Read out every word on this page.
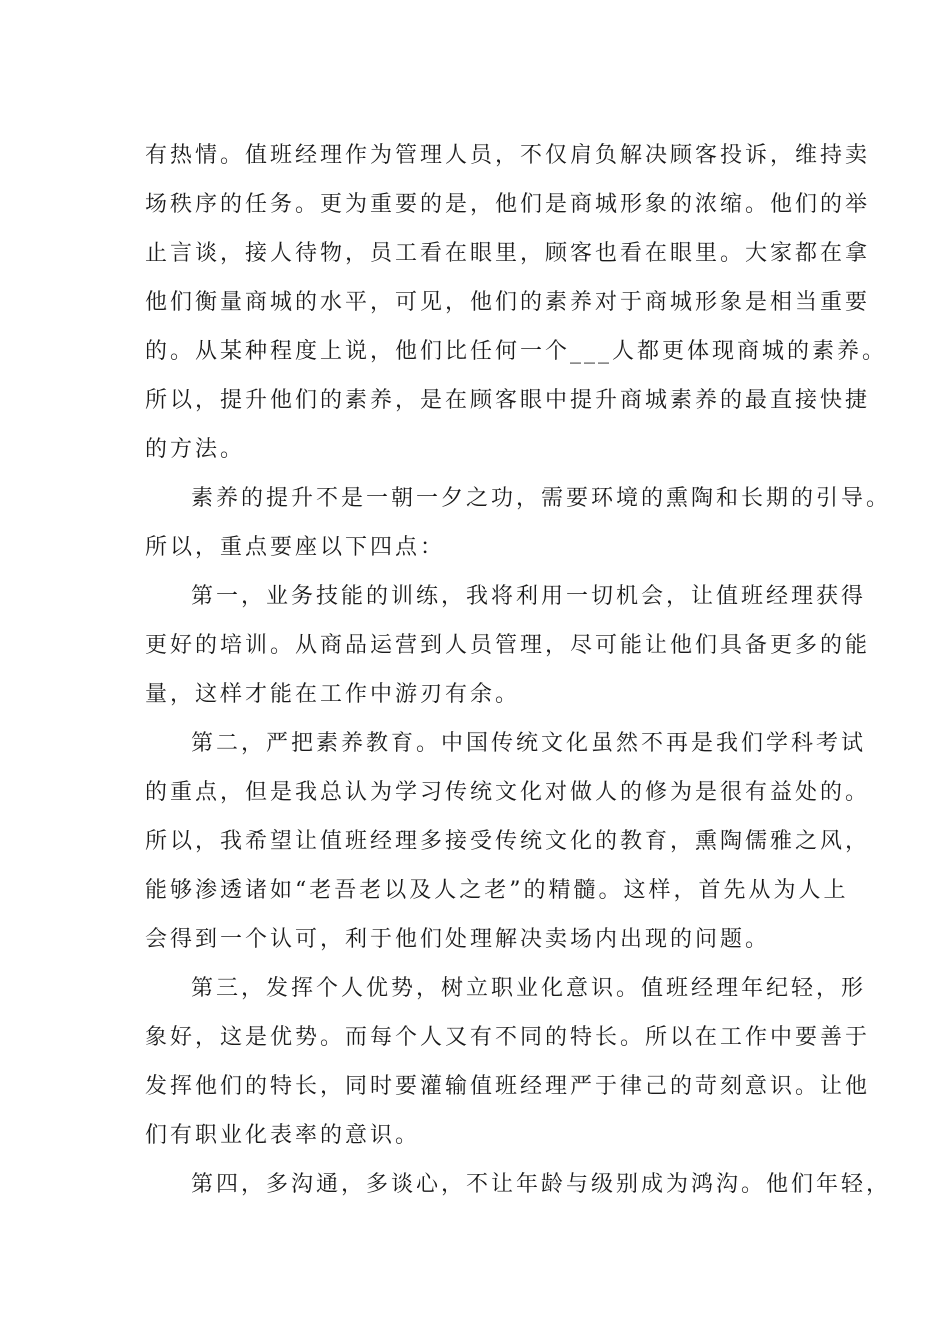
有热情。值班经理作为管理人员，不仅肩负解决顾客投诉，维持卖
场秩序的任务。更为重要的是，他们是商城形象的浓缩。他们的举
止言谈，接人待物，员工看在眼里，顾客也看在眼里。大家都在拿
他们衡量商城的水平，可见，他们的素养对于商城形象是相当重要
的。从某种程度上说，他们比任何一个___人都更体现商城的素养。
所以，提升他们的素养，是在顾客眼中提升商城素养的最直接快捷
的方法。
素养的提升不是一朝一夕之功，需要环境的熏陶和长期的引导。
所以，重点要座以下四点：
第一，业务技能的训练，我将利用一切机会，让值班经理获得
更好的培训。从商品运营到人员管理，尽可能让他们具备更多的能
量，这样才能在工作中游刃有余。
第二，严把素养教育。中国传统文化虽然不再是我们学科考试
的重点，但是我总认为学习传统文化对做人的修为是很有益处的。
所以，我希望让值班经理多接受传统文化的教育，熏陶儒雅之风，
能够渗透诸如“老吾老以及人之老”的精髓。这样，首先从为人上
会得到一个认可，利于他们处理解决卖场内出现的问题。
第三，发挥个人优势，树立职业化意识。值班经理年纪轻，形
象好，这是优势。而每个人又有不同的特长。所以在工作中要善于
发挥他们的特长，同时要灌输值班经理严于律己的苛刻意识。让他
们有职业化表率的意识。
第四，多沟通，多谈心，不让年龄与级别成为鸿沟。他们年轻，
